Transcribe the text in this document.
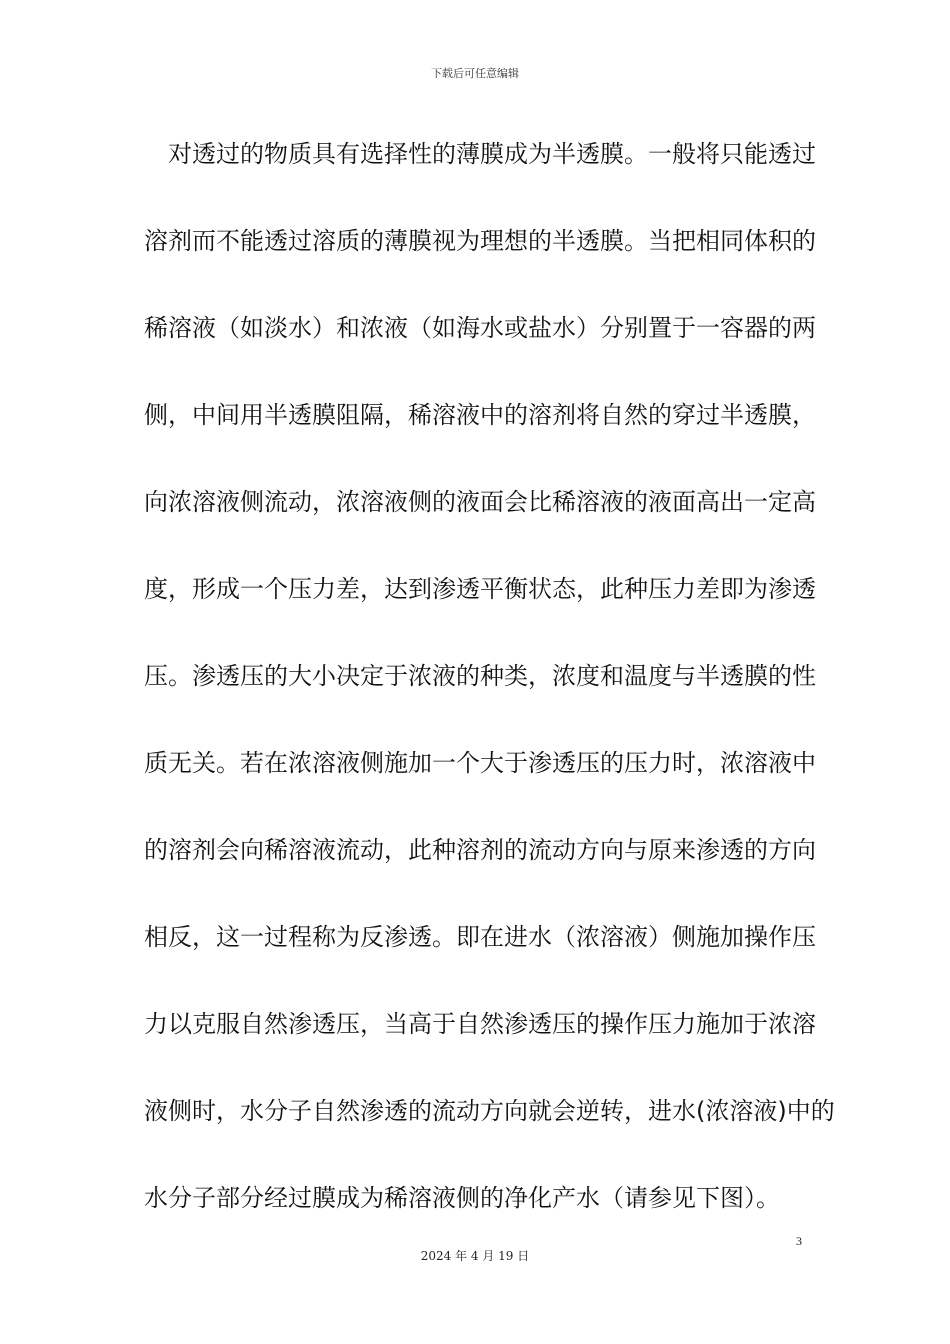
下载后可任意编辑
对透过的物质具有选择性的薄膜成为半透膜。一般将只能透过
溶剂而不能透过溶质的薄膜视为理想的半透膜。当把相同体积的
稀溶液（如淡水）和浓液（如海水或盐水）分别置于一容器的两
侧，中间用半透膜阻隔，稀溶液中的溶剂将自然的穿过半透膜，
向浓溶液侧流动，浓溶液侧的液面会比稀溶液的液面高出一定高
度，形成一个压力差，达到渗透平衡状态，此种压力差即为渗透
压。渗透压的大小决定于浓液的种类，浓度和温度与半透膜的性
质无关。若在浓溶液侧施加一个大于渗透压的压力时，浓溶液中
的溶剂会向稀溶液流动，此种溶剂的流动方向与原来渗透的方向
相反，这一过程称为反渗透。即在进水（浓溶液）侧施加操作压
力以克服自然渗透压，当高于自然渗透压的操作压力施加于浓溶
液侧时，水分子自然渗透的流动方向就会逆转，进水(浓溶液)中的
水分子部分经过膜成为稀溶液侧的净化产水（请参见下图）。
3
2024 年 4 月 19 日
